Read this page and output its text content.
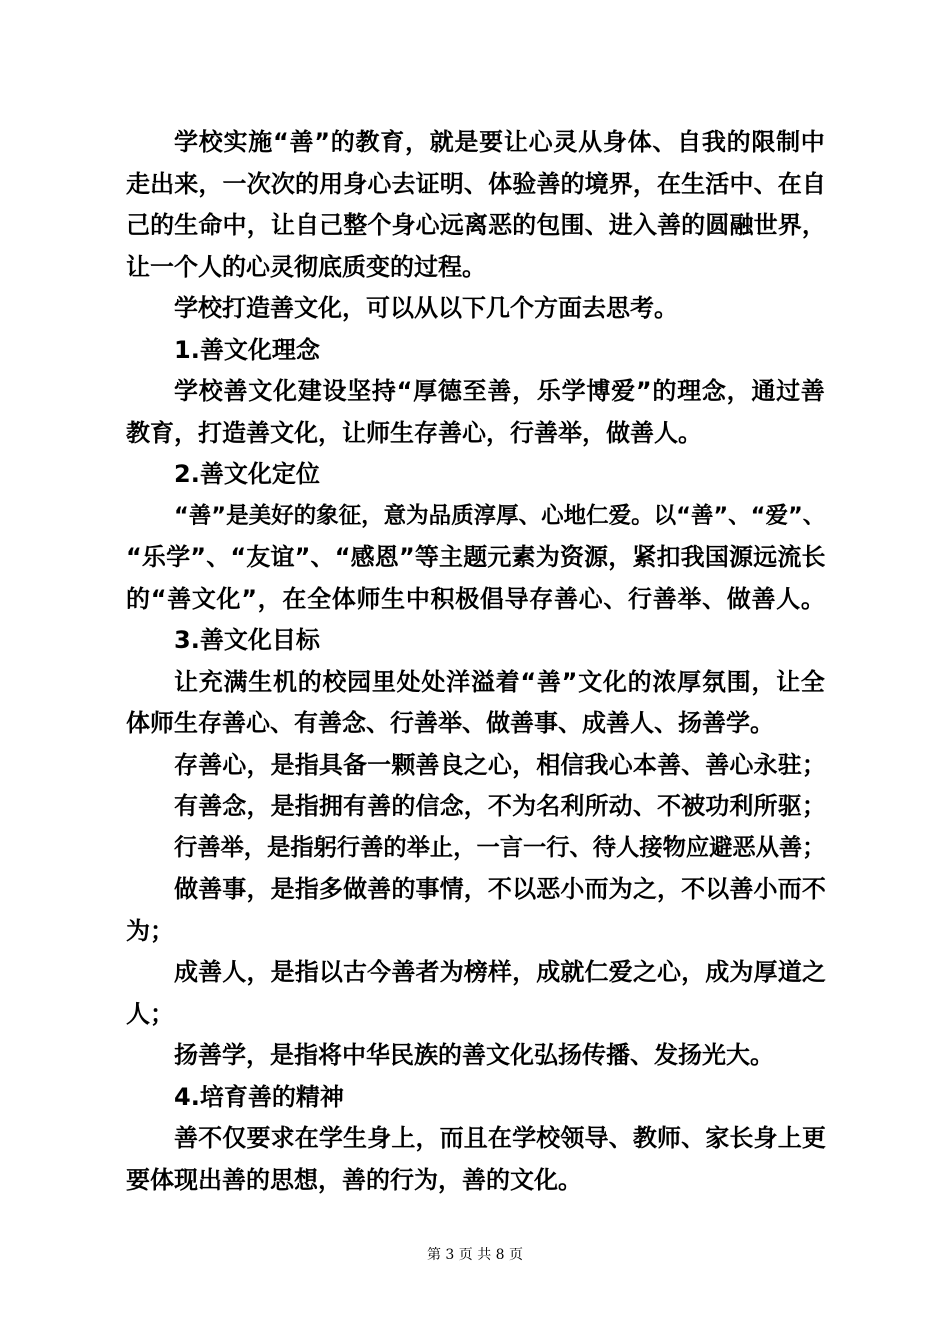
学校实施“善”的教育，就是要让心灵从身体、自我的限制中
走出来，一次次的用身心去证明、体验善的境界，在生活中、在自
己的生命中，让自己整个身心远离恶的包围、进入善的圆融世界，
让一个人的心灵彻底质变的过程。
学校打造善文化，可以从以下几个方面去思考。
1.善文化理念
学校善文化建设坚持“厚德至善，乐学博爱”的理念，通过善
教育，打造善文化，让师生存善心，行善举，做善人。
2.善文化定位
“善”是美好的象征，意为品质淳厚、心地仁爱。以“善”、“爱”、
“乐学”、“友谊”、“感恩”等主题元素为资源，紧扣我国源远流长
的“善文化”，在全体师生中积极倡导存善心、行善举、做善人。
3.善文化目标
让充满生机的校园里处处洋溢着“善”文化的浓厚氛围，让全
体师生存善心、有善念、行善举、做善事、成善人、扬善学。
存善心，是指具备一颗善良之心，相信我心本善、善心永驻；
有善念，是指拥有善的信念，不为名利所动、不被功利所驱；
行善举，是指躬行善的举止，一言一行、待人接物应避恶从善；
做善事，是指多做善的事情，不以恶小而为之，不以善小而不
为；
成善人，是指以古今善者为榜样，成就仁爱之心，成为厚道之
人；
扬善学，是指将中华民族的善文化弘扬传播、发扬光大。
4.培育善的精神
善不仅要求在学生身上，而且在学校领导、教师、家长身上更
要体现出善的思想，善的行为，善的文化。
第 3 页 共 8 页
